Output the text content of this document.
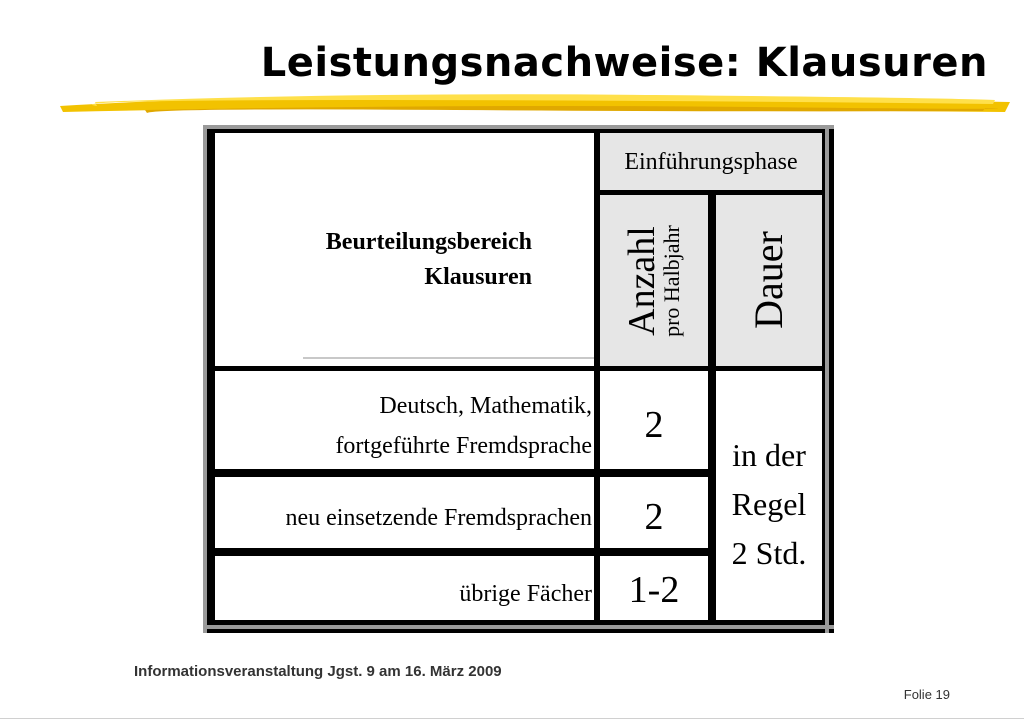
Leistungsnachweise: Klausuren
Beurteilungsbereich
Klausuren
Einführungsphase
Anzahl
pro Halbjahr Dauer
Deutsch, Mathematik,
fortgeführte Fremdsprache	2
neu einsetzende Fremdsprachen	2
übrige Fächer 1-2
in der
Regel
2 Std.
Informationsveranstaltung Jgst. 9 am 16. März 2009
Folie 19
